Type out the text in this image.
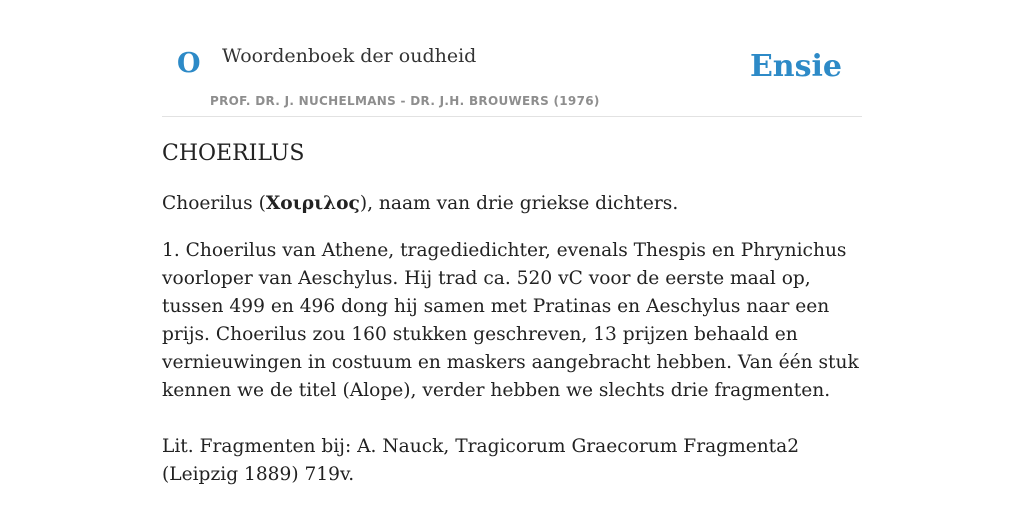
O Woordenboek der oudheid
PROF. DR. J. NUCHELMANS - DR. J.H. BROUWERS (1976)
Ensie
CHOERILUS

Choerilus (Χοιριλος), naam van drie griekse dichters.

1. Choerilus van Athene, tragediedichter, evenals Thespis en Phrynichus voorloper van Aeschylus. Hij trad ca. 520 vC voor de eerste maal op, tussen 499 en 496 dong hij samen met Pratinas en Aeschylus naar een prijs. Choerilus zou 160 stukken geschreven, 13 prijzen behaald en vernieuwingen in costuum en maskers aangebracht hebben. Van één stuk kennen we de titel (Alope), verder hebben we slechts drie fragmenten.

Lit. Fragmenten bij: A. Nauck, Tragicorum Graecorum Fragmenta2 (Leipzig 1889) 719v.
